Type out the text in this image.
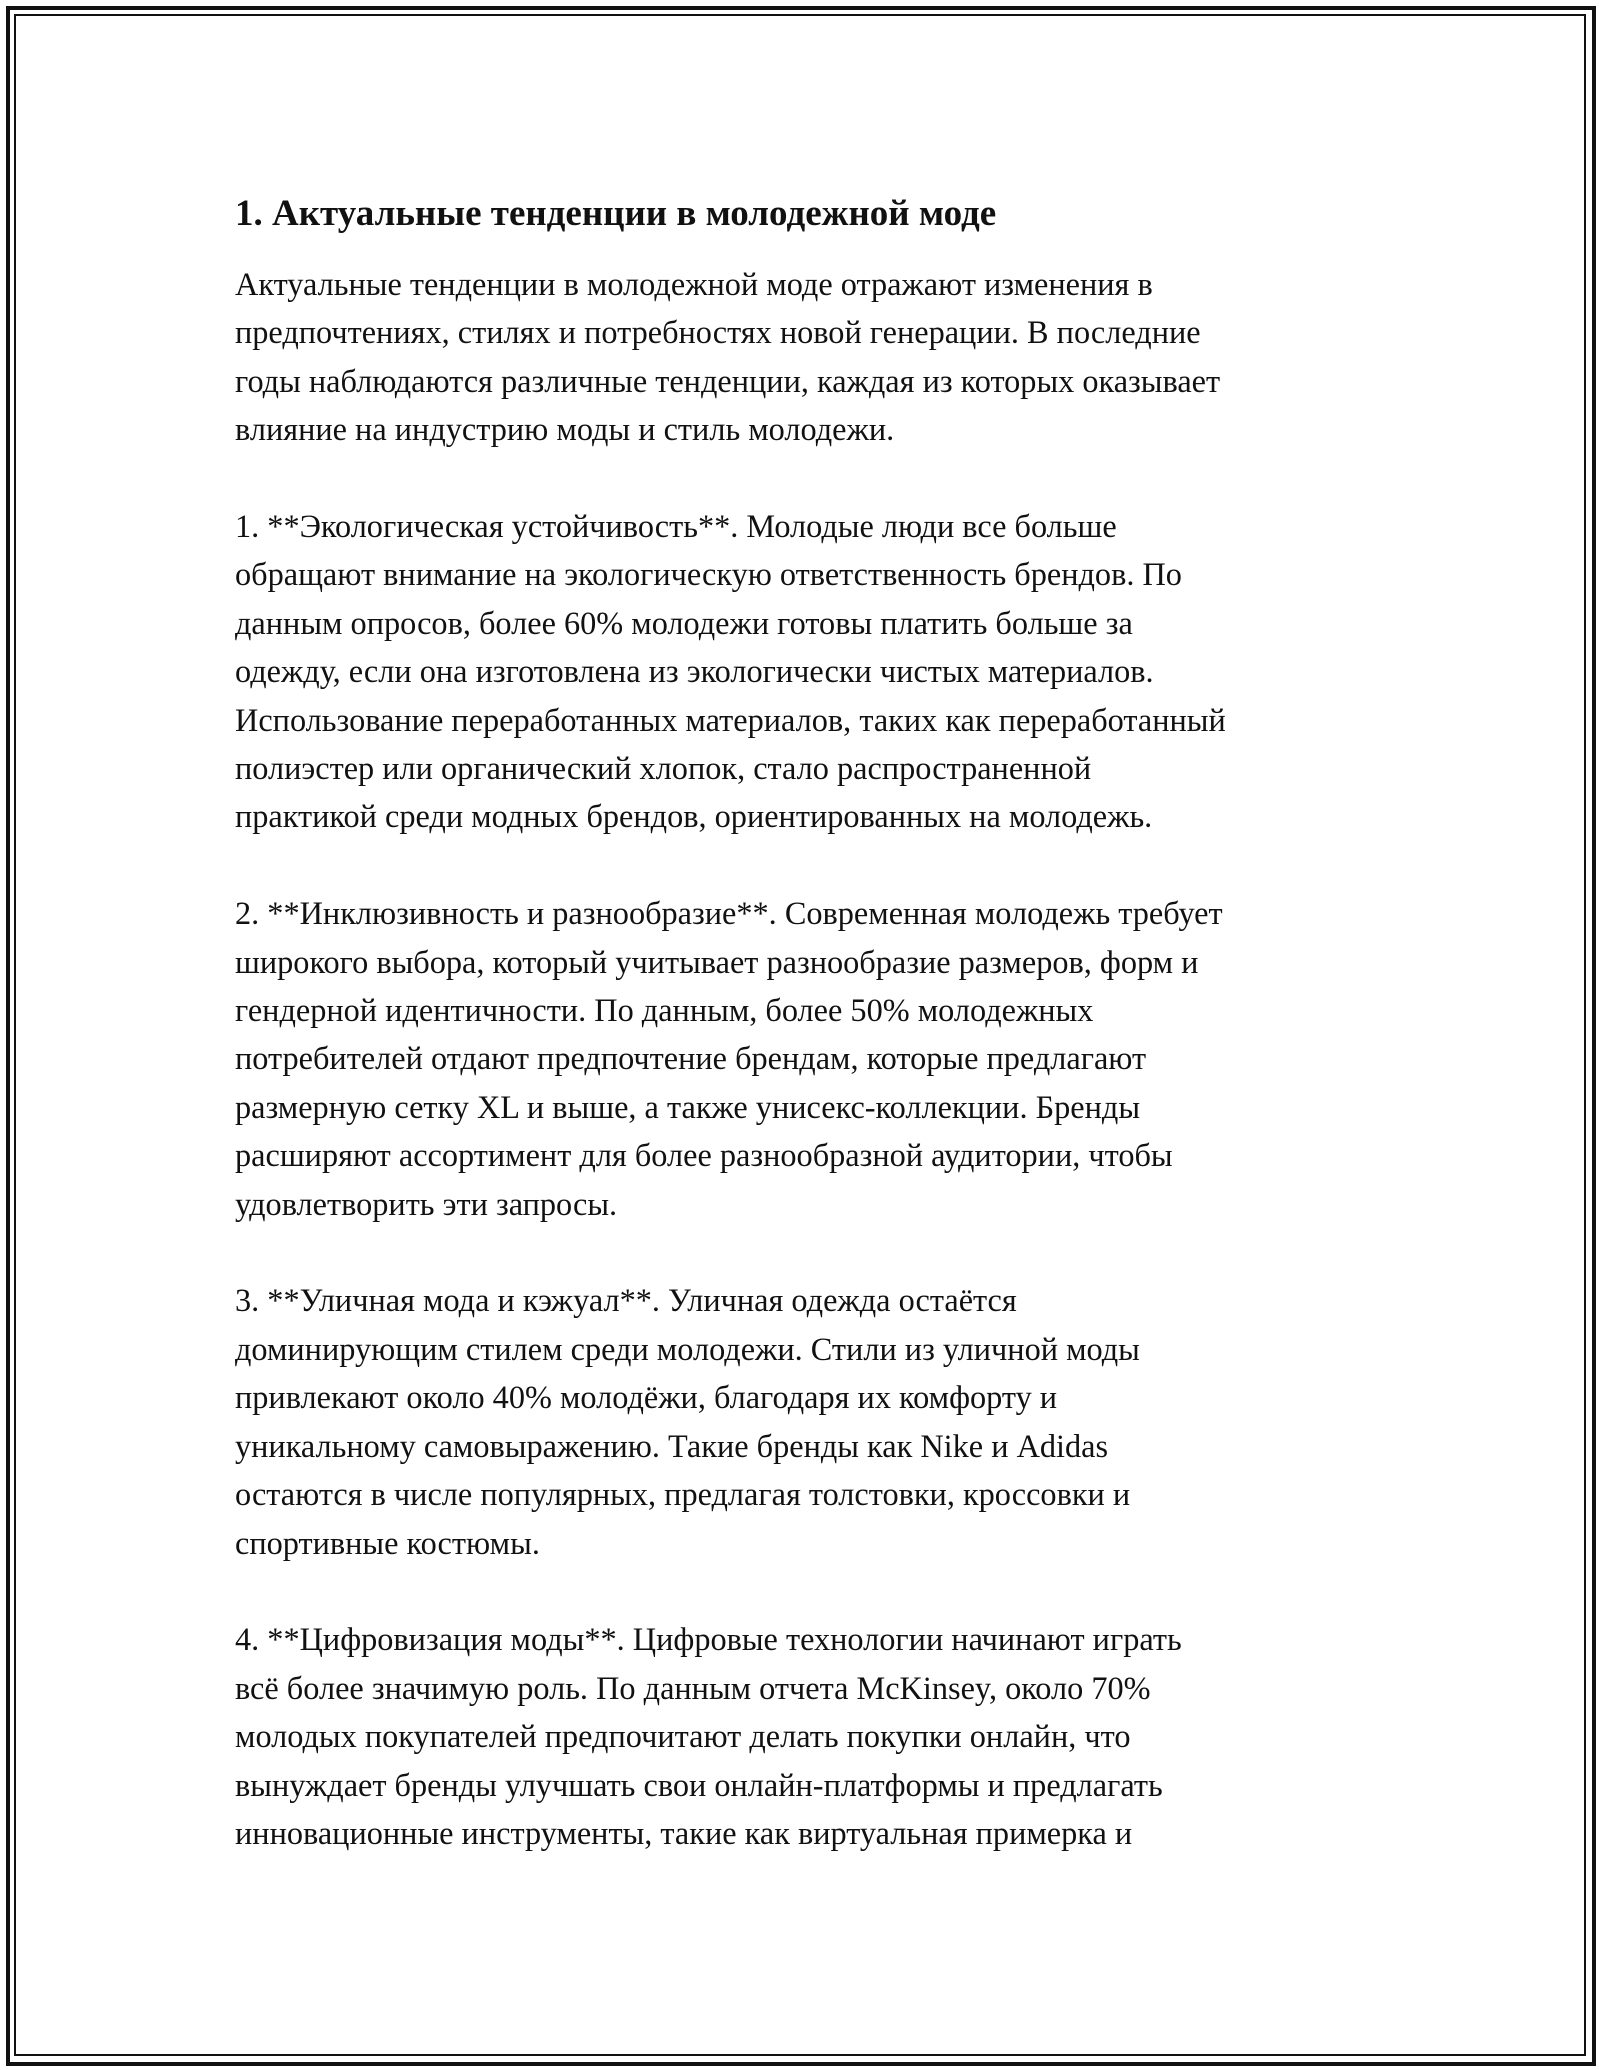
1. Актуальные тенденции в молодежной моде

Актуальные тенденции в молодежной моде отражают изменения в
предпочтениях, стилях и потребностях новой генерации. В последние
годы наблюдаются различные тенденции, каждая из которых оказывает
влияние на индустрию моды и стиль молодежи.

1. **Экологическая устойчивость**. Молодые люди все больше
обращают внимание на экологическую ответственность брендов. По
данным опросов, более 60% молодежи готовы платить больше за
одежду, если она изготовлена из экологически чистых материалов.
Использование переработанных материалов, таких как переработанный
полиэстер или органический хлопок, стало распространенной
практикой среди модных брендов, ориентированных на молодежь.

2. **Инклюзивность и разнообразие**. Современная молодежь требует
широкого выбора, который учитывает разнообразие размеров, форм и
гендерной идентичности. По данным, более 50% молодежных
потребителей отдают предпочтение брендам, которые предлагают
размерную сетку XL и выше, а также унисекс-коллекции. Бренды
расширяют ассортимент для более разнообразной аудитории, чтобы
удовлетворить эти запросы.

3. **Уличная мода и кэжуал**. Уличная одежда остаётся
доминирующим стилем среди молодежи. Стили из уличной моды
привлекают около 40% молодёжи, благодаря их комфорту и
уникальному самовыражению. Такие бренды как Nike и Adidas
остаются в числе популярных, предлагая толстовки, кроссовки и
спортивные костюмы.

4. **Цифровизация моды**. Цифровые технологии начинают играть
всё более значимую роль. По данным отчета McKinsey, около 70%
молодых покупателей предпочитают делать покупки онлайн, что
вынуждает бренды улучшать свои онлайн-платформы и предлагать
инновационные инструменты, такие как виртуальная примерка и
